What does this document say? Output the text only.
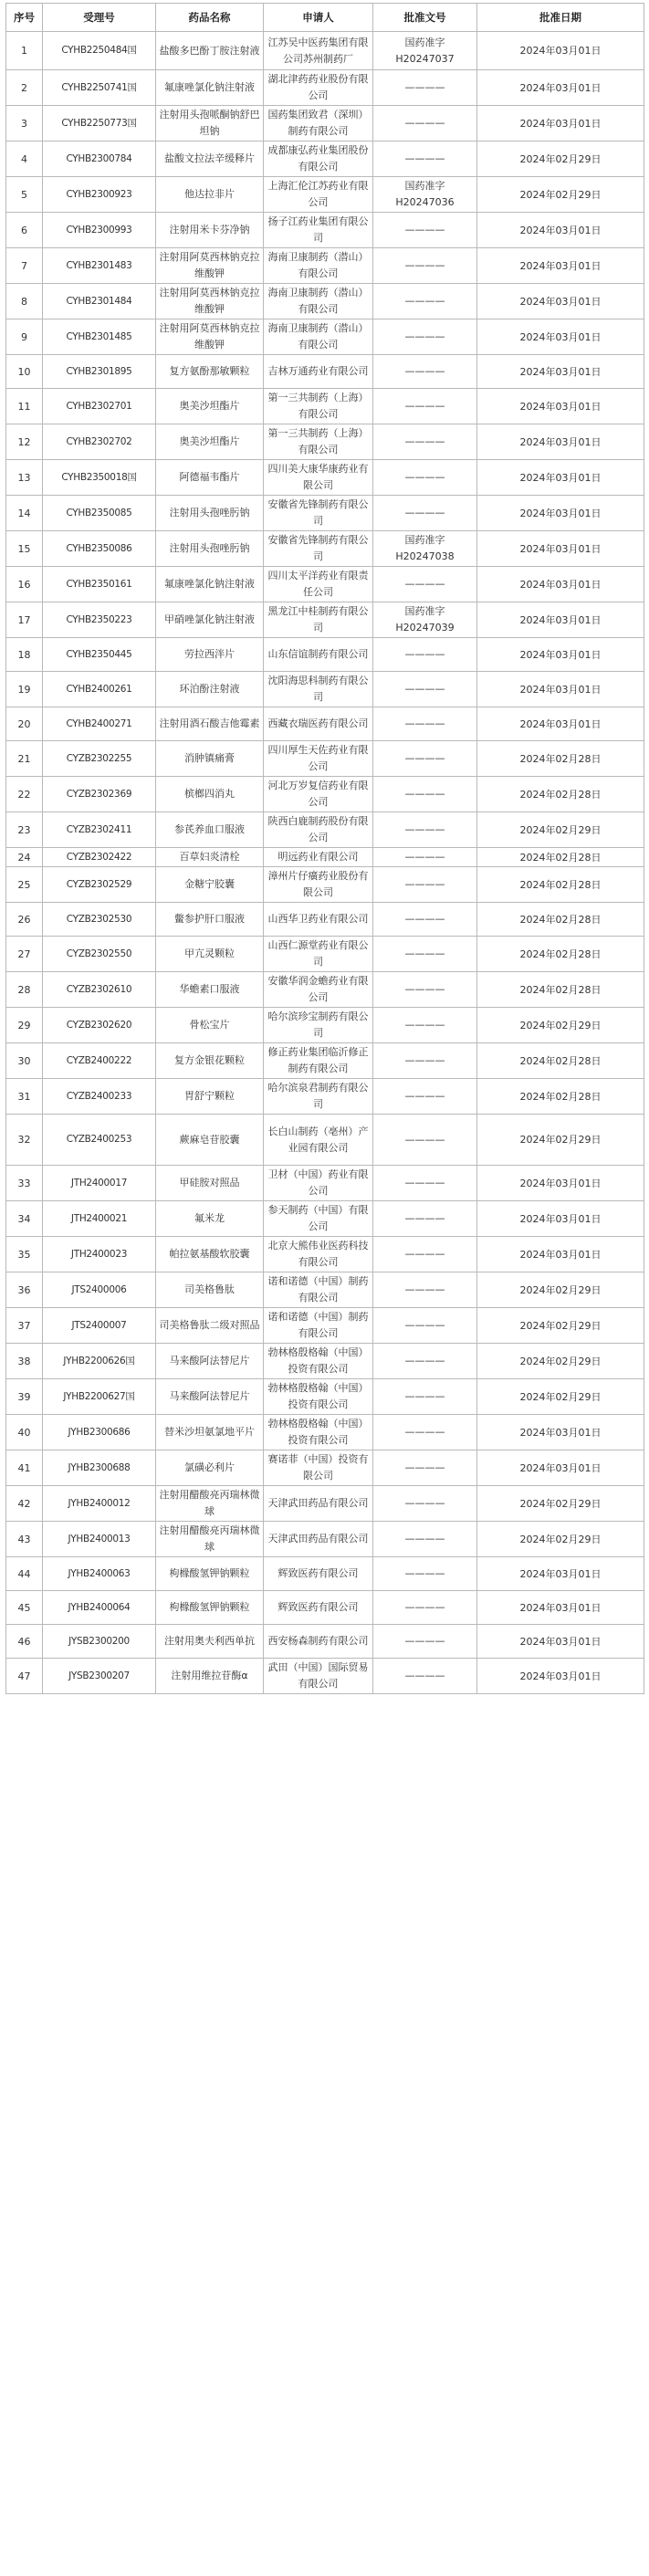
序号	受理号	药品名称	申请人	批准文号	批准日期
1	CYHB2250484国	盐酸多巴酚丁胺注射液	江苏吴中医药集团有限公司苏州制药厂	国药准字H20247037	2024年03月01日
2	CYHB2250741国	氟康唑氯化钠注射液	湖北津药药业股份有限公司	————	2024年03月01日
3	CYHB2250773国	注射用头孢哌酮钠舒巴坦钠	国药集团致君（深圳）制药有限公司	————	2024年03月01日
4	CYHB2300784	盐酸文拉法辛缓释片	成都康弘药业集团股份有限公司	————	2024年02月29日
5	CYHB2300923	他达拉非片	上海汇伦江苏药业有限公司	国药准字H20247036	2024年02月29日
6	CYHB2300993	注射用米卡芬净钠	扬子江药业集团有限公司	————	2024年03月01日
7	CYHB2301483	注射用阿莫西林钠克拉维酸钾	海南卫康制药（潜山）有限公司	————	2024年03月01日
8	CYHB2301484	注射用阿莫西林钠克拉维酸钾	海南卫康制药（潜山）有限公司	————	2024年03月01日
9	CYHB2301485	注射用阿莫西林钠克拉维酸钾	海南卫康制药（潜山）有限公司	————	2024年03月01日
10	CYHB2301895	复方氨酚那敏颗粒	吉林万通药业有限公司	————	2024年03月01日
11	CYHB2302701	奥美沙坦酯片	第一三共制药（上海）有限公司	————	2024年03月01日
12	CYHB2302702	奥美沙坦酯片	第一三共制药（上海）有限公司	————	2024年03月01日
13	CYHB2350018国	阿德福韦酯片	四川美大康华康药业有限公司	————	2024年03月01日
14	CYHB2350085	注射用头孢唑肟钠	安徽省先锋制药有限公司	————	2024年03月01日
15	CYHB2350086	注射用头孢唑肟钠	安徽省先锋制药有限公司	国药准字H20247038	2024年03月01日
16	CYHB2350161	氟康唑氯化钠注射液	四川太平洋药业有限责任公司	————	2024年03月01日
17	CYHB2350223	甲硝唑氯化钠注射液	黑龙江中桂制药有限公司	国药准字H20247039	2024年03月01日
18	CYHB2350445	劳拉西泮片	山东信谊制药有限公司	————	2024年03月01日
19	CYHB2400261	环泊酚注射液	沈阳海思科制药有限公司	————	2024年03月01日
20	CYHB2400271	注射用酒石酸吉他霉素	西藏衣瑞医药有限公司	————	2024年03月01日
21	CYZB2302255	消肿镇痛膏	四川厚生天佐药业有限公司	————	2024年02月28日
22	CYZB2302369	槟榔四消丸	河北万岁复信药业有限公司	————	2024年02月28日
23	CYZB2302411	参芪养血口服液	陕西白鹿制药股份有限公司	————	2024年02月29日
24	CYZB2302422	百草妇炎清栓	明远药业有限公司	————	2024年02月28日
25	CYZB2302529	金糖宁胶囊	漳州片仔癀药业股份有限公司	————	2024年02月28日
26	CYZB2302530	鳖参护肝口服液	山西华卫药业有限公司	————	2024年02月28日
27	CYZB2302550	甲亢灵颗粒	山西仁源堂药业有限公司	————	2024年02月28日
28	CYZB2302610	华蟾素口服液	安徽华润金蟾药业有限公司	————	2024年02月28日
29	CYZB2302620	骨松宝片	哈尔滨珍宝制药有限公司	————	2024年02月29日
30	CYZB2400222	复方金银花颗粒	修正药业集团临沂修正制药有限公司	————	2024年02月28日
31	CYZB2400233	胃舒宁颗粒	哈尔滨泉君制药有限公司	————	2024年02月28日
32	CYZB2400253	蕨麻皂苷胶囊	长白山制药（亳州）产业园有限公司	————	2024年02月29日
33	JTH2400017	甲硅胺对照品	卫材（中国）药业有限公司	————	2024年03月01日
34	JTH2400021	氟米龙	参天制药（中国）有限公司	————	2024年03月01日
35	JTH2400023	帕拉氨基酸软胶囊	北京大熊伟业医药科技有限公司	————	2024年03月01日
36	JTS2400006	司美格鲁肽	诺和诺德（中国）制药有限公司	————	2024年02月29日
37	JTS2400007	司美格鲁肽二级对照品	诺和诺德（中国）制药有限公司	————	2024年02月29日
38	JYHB2200626国	马来酸阿法替尼片	勃林格殷格翰（中国）投资有限公司	————	2024年02月29日
39	JYHB2200627国	马来酸阿法替尼片	勃林格殷格翰（中国）投资有限公司	————	2024年02月29日
40	JYHB2300686	替米沙坦氨氯地平片	勃林格殷格翰（中国）投资有限公司	————	2024年03月01日
41	JYHB2300688	氯磺必利片	赛诺菲（中国）投资有限公司	————	2024年03月01日
42	JYHB2400012	注射用醋酸亮丙瑞林微球	天津武田药品有限公司	————	2024年02月29日
43	JYHB2400013	注射用醋酸亮丙瑞林微球	天津武田药品有限公司	————	2024年02月29日
44	JYHB2400063	枸橼酸氢钾钠颗粒	辉致医药有限公司	————	2024年03月01日
45	JYHB2400064	枸橼酸氢钾钠颗粒	辉致医药有限公司	————	2024年03月01日
46	JYSB2300200	注射用奥夫利西单抗	西安杨森制药有限公司	————	2024年03月01日
47	JYSB2300207	注射用维拉苷酶α	武田（中国）国际贸易有限公司	————	2024年03月01日
